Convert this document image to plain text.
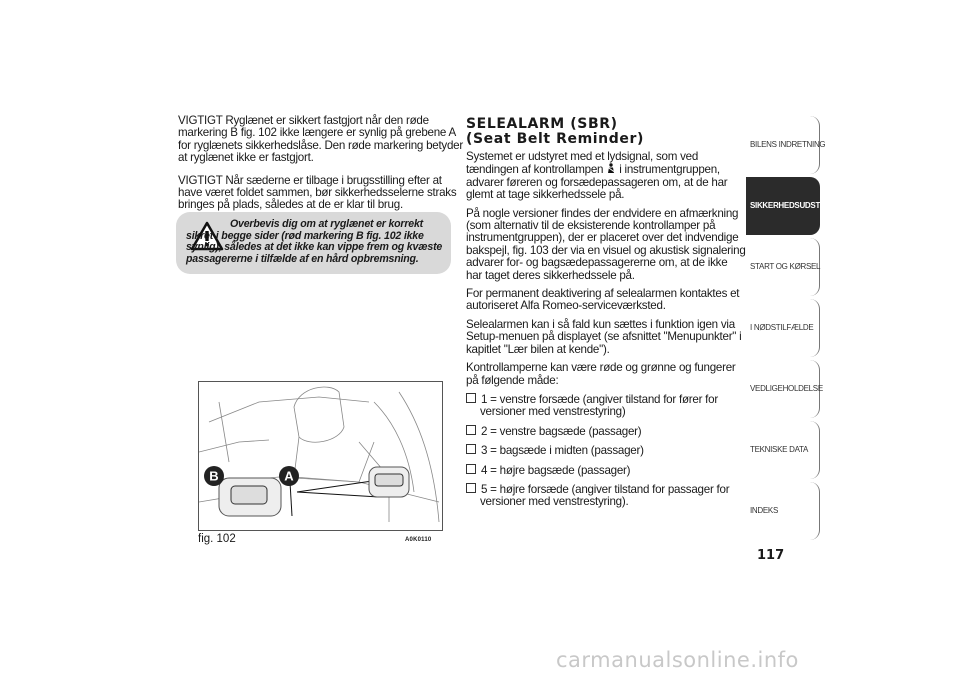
VIGTIGT Ryglænet er sikkert fastgjort når den røde markering B fig. 102 ikke længere er synlig på grebene A for ryglænets sikkerhedslåse. Den røde markering betyder at ryglænet ikke er fastgjort.

VIGTIGT Når sæderne er tilbage i brugsstilling efter at have været foldet sammen, bør sikkerhedsselerne straks bringes på plads, således at de er klar til brug.

Overbevis dig om at ryglænet er korrekt sikret i begge sider (rød markering B fig. 102 ikke synlig), således at det ikke kan vippe frem og kvæste passagererne i tilfælde af en hård opbremsning.
B	A
fig. 102	A0K0110
SELEALARM (SBR)
(Seat Belt Reminder)

Systemet er udstyret med et lydsignal, som ved tændingen af kontrollampen i instrumentgruppen, advarer føreren og forsædepassageren om, at de har glemt at tage sikkerhedssele på.

På nogle versioner findes der endvidere en afmærkning (som alternativ til de eksisterende kontrollamper på instrumentgruppen), der er placeret over det indvendige bakspejl, fig. 103 der via en visuel og akustisk signalering advarer for- og bagsædepassagererne om, at de ikke har taget deres sikkerhedssele på.

For permanent deaktivering af selealarmen kontaktes et autoriseret Alfa Romeo-serviceværksted.

Selealarmen kan i så fald kun sættes i funktion igen via Setup-menuen på displayet (se afsnittet "Menupunkter" i kapitlet "Lær bilen at kende").

Kontrollamperne kan være røde og grønne og fungerer på følgende måde:

1 = venstre forsæde (angiver tilstand for fører for versioner med venstrestyring)
2 = venstre bagsæde (passager)
3 = bagsæde i midten (passager)
4 = højre bagsæde (passager)
5 = højre forsæde (angiver tilstand for passager for versioner med venstrestyring).
BILENS INDRETNING
SIKKERHEDSUDSTYR
START OG KØRSEL
I NØDSTILFÆLDE
VEDLIGEHOLDELSE
TEKNISKE DATA
INDEKS
117
carmanualsonline.info
